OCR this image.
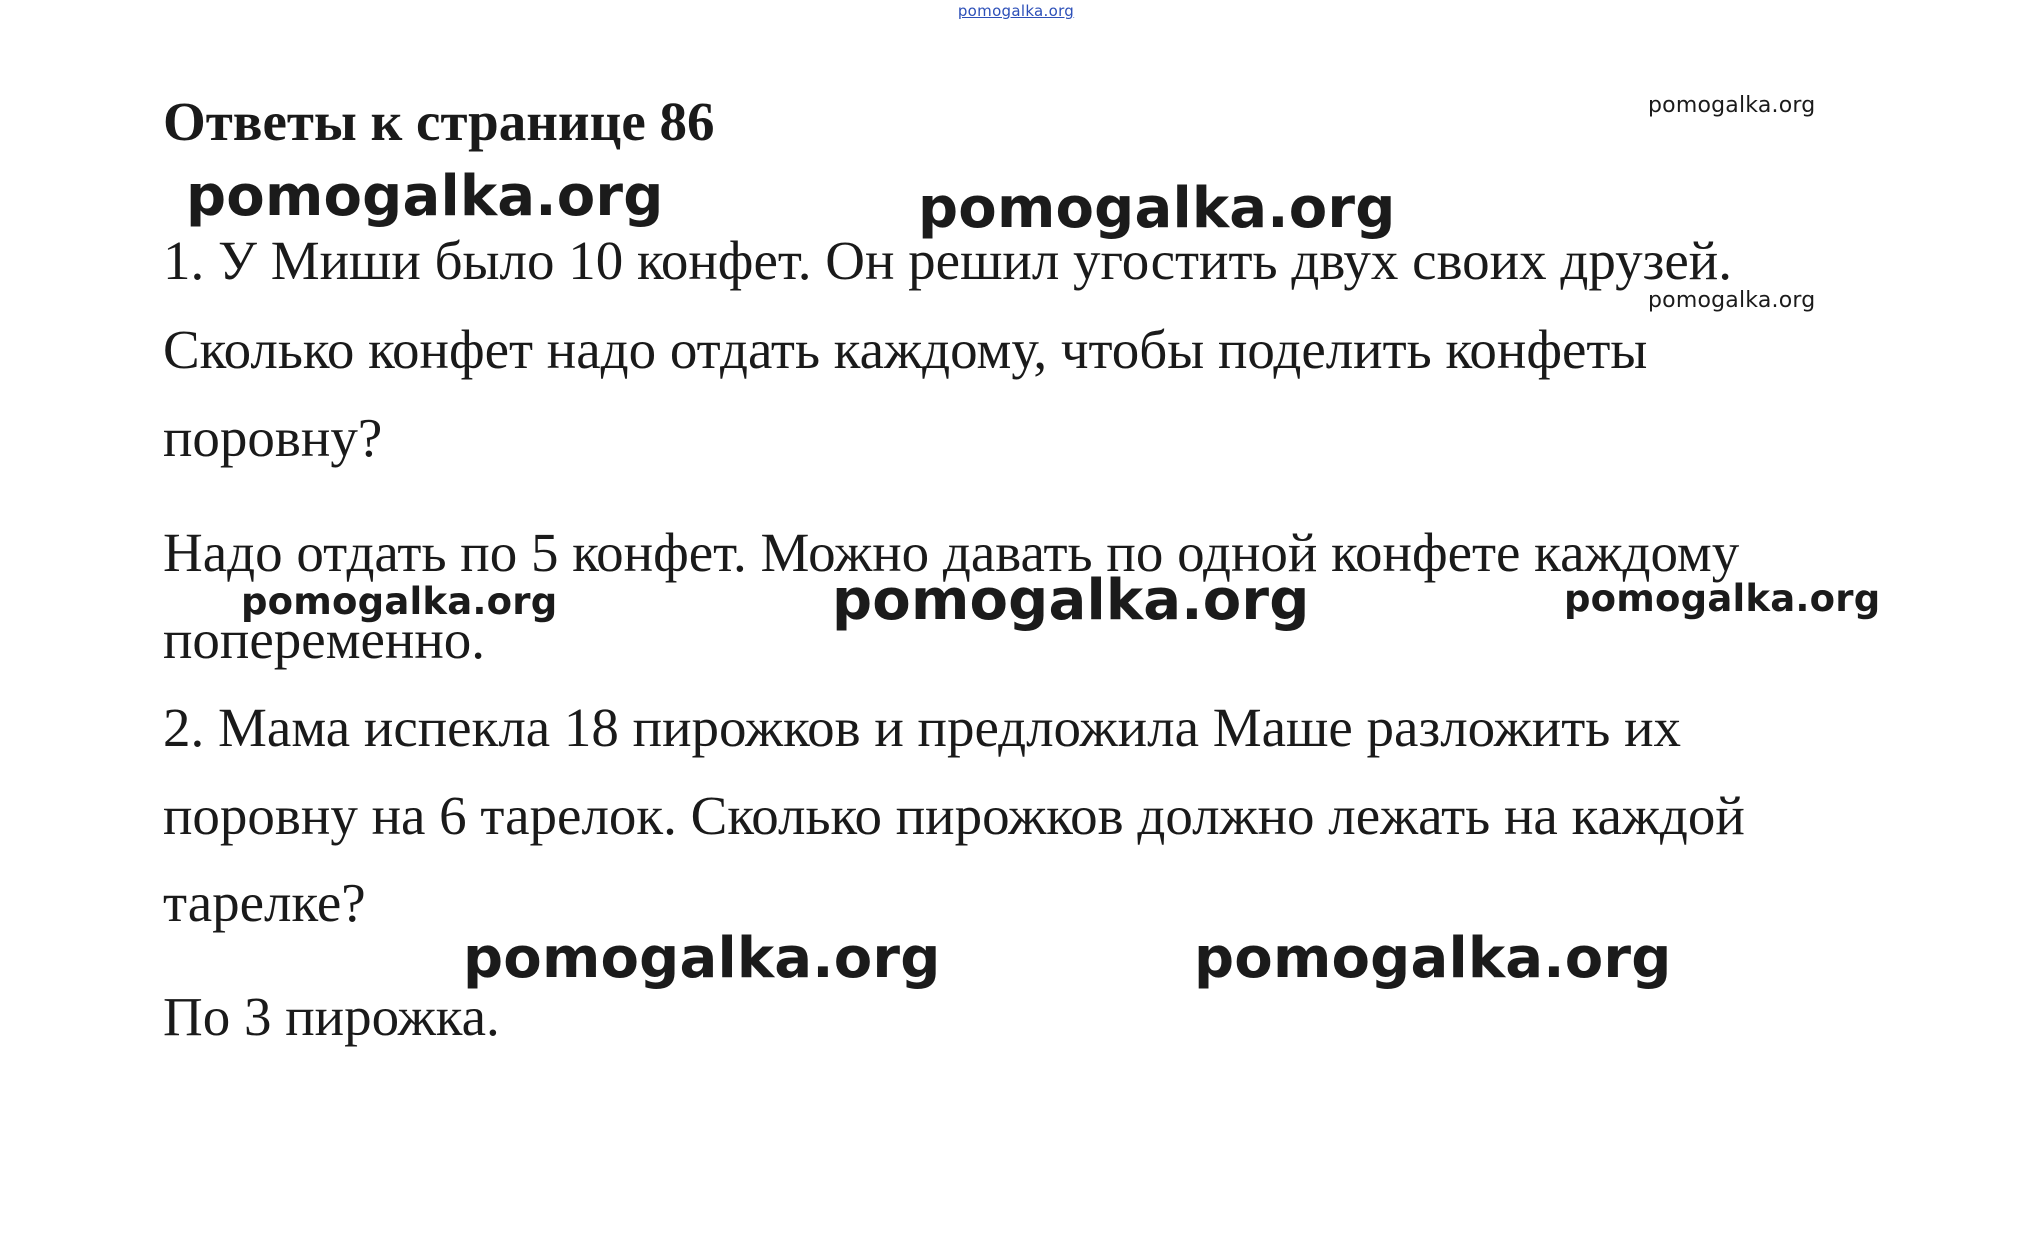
pomogalka.org
Ответы к странице 86	pomogalka.org
pomogalka.org	pomogalka.org
pomogalka.org

1. У Миши было 10 конфет. Он решил угостить двух своих друзей.

Сколько конфет надо отдать каждому, чтобы поделить конфеты

поровну?

Надо отдать по 5 конфет. Можно давать по одной конфете каждому

попеременно.

pomogalka.org	pomogalka.org	pomogalka.org

2. Мама испекла 18 пирожков и предложила Маше разложить их

поровну на 6 тарелок. Сколько пирожков должно лежать на каждой

тарелке?

pomogalka.org	pomogalka.org

По 3 пирожка.
